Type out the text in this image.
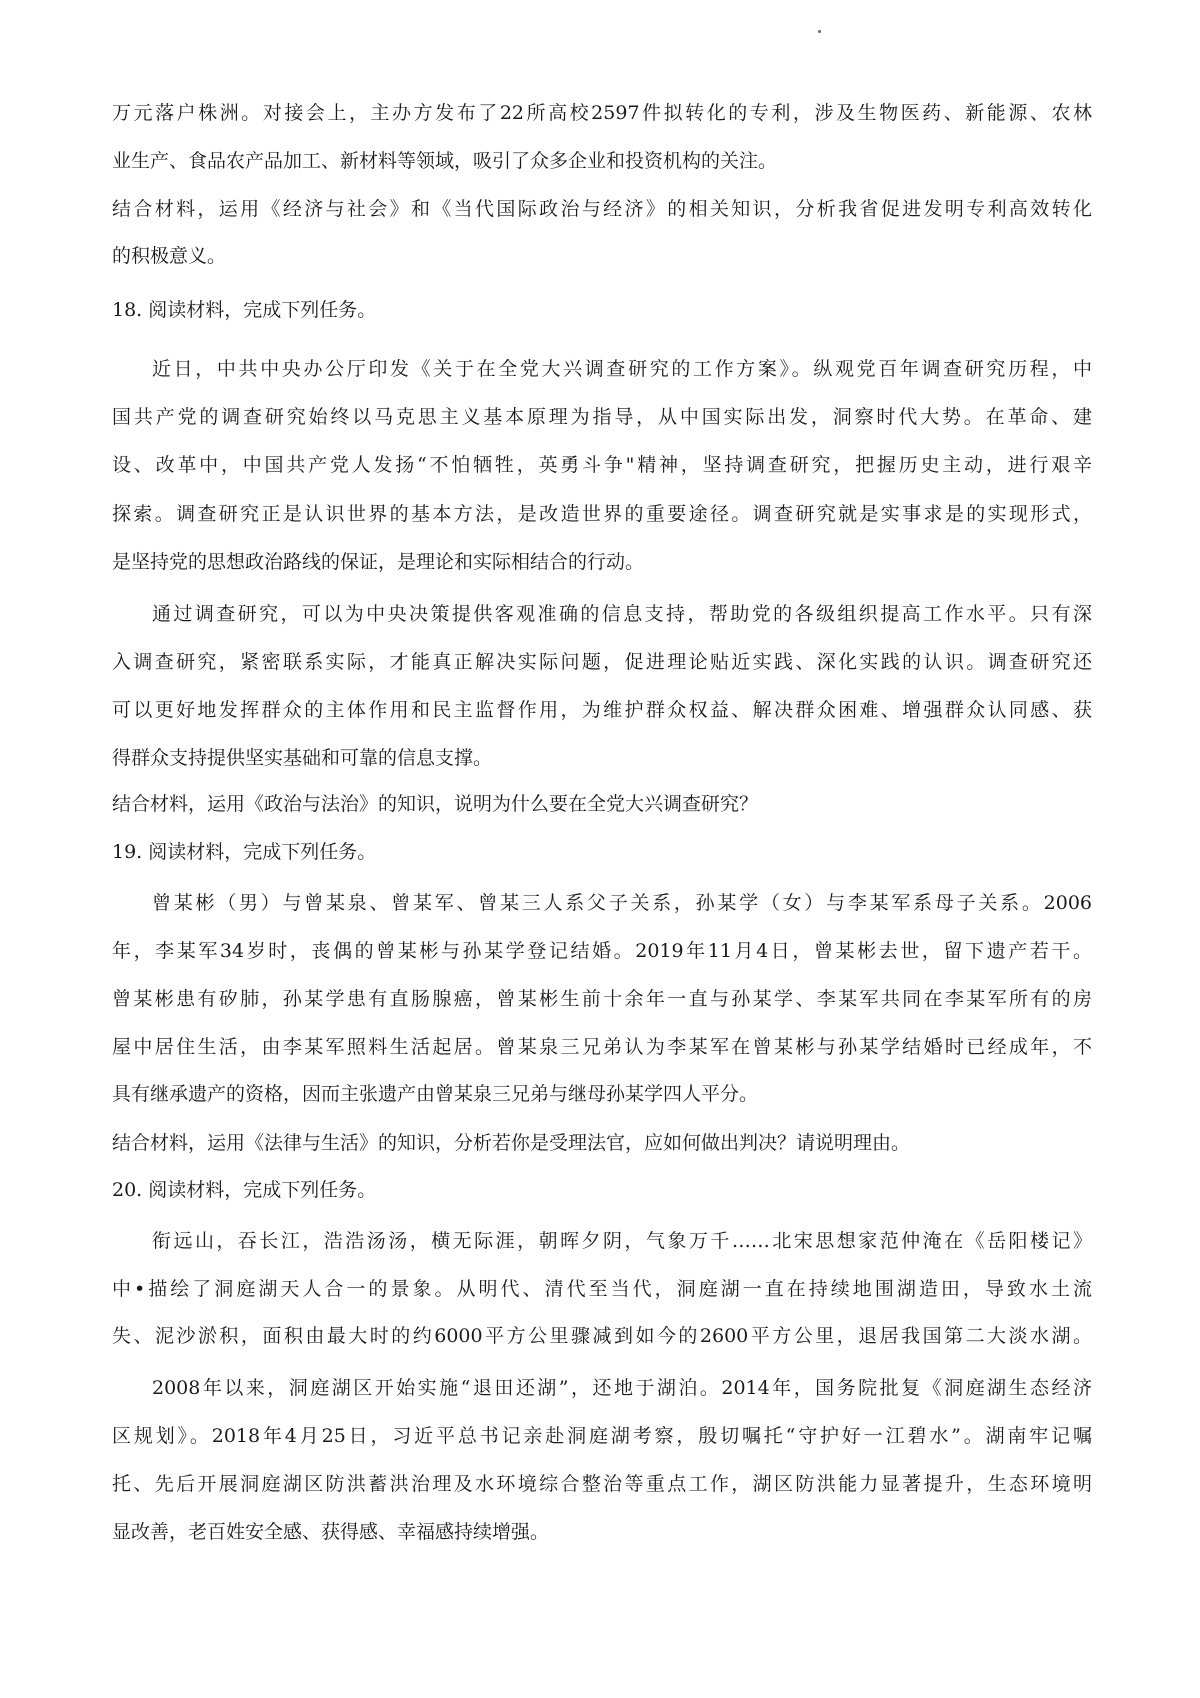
万元落户株洲。对接会上，主办方发布了22所高校2597件拟转化的专利，涉及生物医药、新能源、农林
业生产、食品农产品加工、新材料等领域，吸引了众多企业和投资机构的关注。
结合材料，运用《经济与社会》和《当代国际政治与经济》的相关知识，分析我省促进发明专利高效转化
的积极意义。
18. 阅读材料，完成下列任务。
近日，中共中央办公厅印发《关于在全党大兴调查研究的工作方案》。纵观党百年调查研究历程，中
国共产党的调查研究始终以马克思主义基本原理为指导，从中国实际出发，洞察时代大势。在革命、建
设、改革中，中国共产党人发扬“不怕牺牲，英勇斗争"精神，坚持调查研究，把握历史主动，进行艰辛
探索。调查研究正是认识世界的基本方法，是改造世界的重要途径。调查研究就是实事求是的实现形式，
是坚持党的思想政治路线的保证，是理论和实际相结合的行动。
通过调查研究，可以为中央决策提供客观准确的信息支持，帮助党的各级组织提高工作水平。只有深
入调查研究，紧密联系实际，才能真正解决实际问题，促进理论贴近实践、深化实践的认识。调查研究还
可以更好地发挥群众的主体作用和民主监督作用，为维护群众权益、解决群众困难、增强群众认同感、获
得群众支持提供坚实基础和可靠的信息支撑。
结合材料，运用《政治与法治》的知识，说明为什么要在全党大兴调查研究？
19. 阅读材料，完成下列任务。
曾某彬（男）与曾某泉、曾某军、曾某三人系父子关系，孙某学（女）与李某军系母子关系。2006
年，李某军34岁时，丧偶的曾某彬与孙某学登记结婚。2019年11月4日，曾某彬去世，留下遗产若干。
曾某彬患有矽肺，孙某学患有直肠腺癌，曾某彬生前十余年一直与孙某学、李某军共同在李某军所有的房
屋中居住生活，由李某军照料生活起居。曾某泉三兄弟认为李某军在曾某彬与孙某学结婚时已经成年，不
具有继承遗产的资格，因而主张遗产由曾某泉三兄弟与继母孙某学四人平分。
结合材料，运用《法律与生活》的知识，分析若你是受理法官，应如何做出判决？请说明理由。
20. 阅读材料，完成下列任务。
衔远山，吞长江，浩浩汤汤，横无际涯，朝晖夕阴，气象万千……北宋思想家范仲淹在《岳阳楼记》
中•描绘了洞庭湖天人合一的景象。从明代、清代至当代，洞庭湖一直在持续地围湖造田，导致水土流
失、泥沙淤积，面积由最大时的约6000平方公里骤减到如今的2600平方公里，退居我国第二大淡水湖。
2008年以来，洞庭湖区开始实施“退田还湖”，还地于湖泊。2014年，国务院批复《洞庭湖生态经济
区规划》。2018年4月25日，习近平总书记亲赴洞庭湖考察，殷切嘱托“守护好一江碧水”。湖南牢记嘱
托、先后开展洞庭湖区防洪蓄洪治理及水环境综合整治等重点工作，湖区防洪能力显著提升，生态环境明
显改善，老百姓安全感、获得感、幸福感持续增强。
